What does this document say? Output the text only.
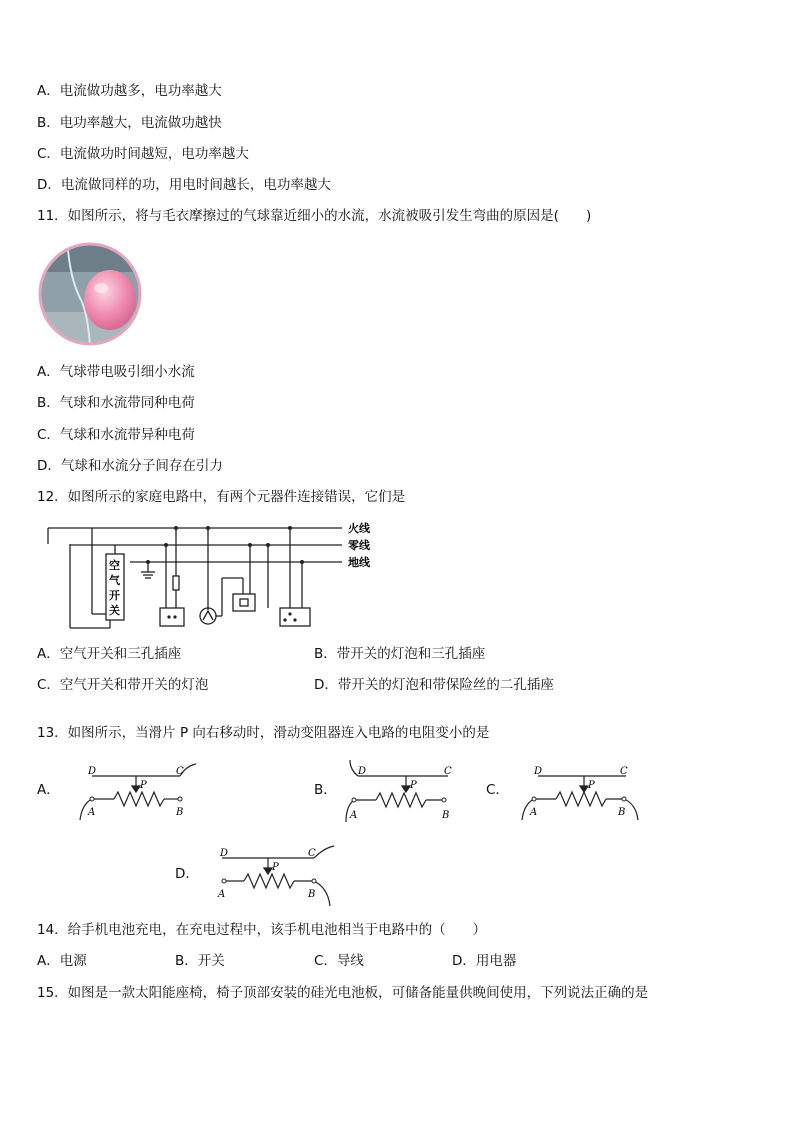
A．电流做功越多，电功率越大
B．电功率越大，电流做功越快
C．电流做功时间越短，电功率越大
D．电流做同样的功，用电时间越长，电功率越大
11．如图所示，将与毛衣摩擦过的气球靠近细小的水流，水流被吸引发生弯曲的原因是(　　)
A．气球带电吸引细小水流
B．气球和水流带同种电荷
C．气球和水流带异种电荷
D．气球和水流分子间存在引力
12．如图所示的家庭电路中，有两个元器件连接错误，它们是
火线
零线
地线
空
气
开
关
A．空气开关和三孔插座	B．带开关的灯泡和三孔插座
C．空气开关和带开关的灯泡	D．带开关的灯泡和带保险丝的二孔插座
13．如图所示，当滑片 P 向右移动时，滑动变阻器连入电路的电阻变小的是
A．	B．	C．
D．
D	C
P
A	B
D	C
P
A	B
D	C
P
A	B
D	C
P
A	B
14．给手机电池充电，在充电过程中，该手机电池相当于电路中的（　　）
A．电源	B．开关	C．导线	D．用电器
15．如图是一款太阳能座椅，椅子顶部安装的硅光电池板，可储备能量供晚间使用，下列说法正确的是
